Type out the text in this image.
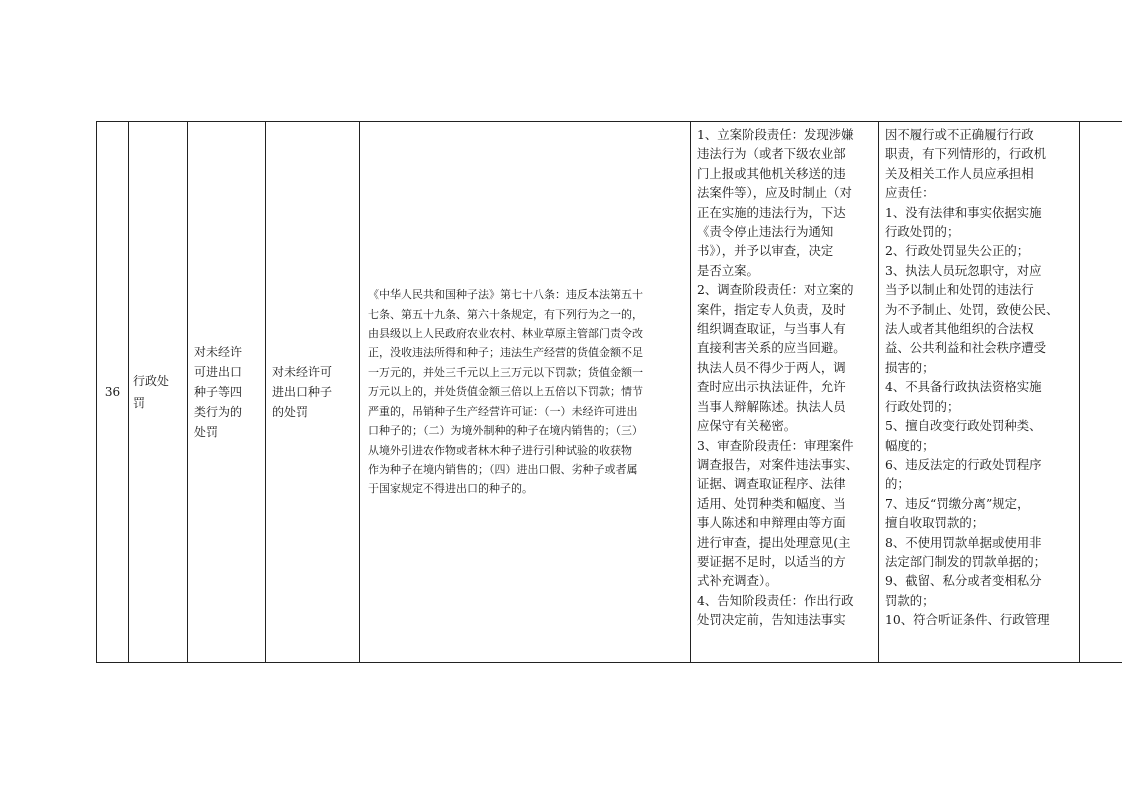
36	
行政处
罚

对未经许
可进出口
种子等四
类行为的
处罚

对未经许可
进出口种子
的处罚

《中华人民共和国种子法》第七十八条：违反本法第五十
七条、第五十九条、第六十条规定，有下列行为之一的，
由县级以上人民政府农业农村、林业草原主管部门责令改
正，没收违法所得和种子；违法生产经营的货值金额不足
一万元的，并处三千元以上三万元以下罚款；货值金额一
万元以上的，并处货值金额三倍以上五倍以下罚款；情节
严重的，吊销种子生产经营许可证：（一）未经许可进出
口种子的；（二）为境外制种的种子在境内销售的；（三）
从境外引进农作物或者林木种子进行引种试验的收获物
作为种子在境内销售的；（四）进出口假、劣种子或者属
于国家规定不得进出口的种子的。

1、立案阶段责任：发现涉嫌
违法行为（或者下级农业部
门上报或其他机关移送的违
法案件等），应及时制止（对
正在实施的违法行为，下达
《责令停止违法行为通知
书》），并予以审查，决定
是否立案。
2、调查阶段责任：对立案的
案件，指定专人负责，及时
组织调查取证，与当事人有
直接利害关系的应当回避。
执法人员不得少于两人，调
查时应出示执法证件，允许
当事人辩解陈述。执法人员
应保守有关秘密。
3、审查阶段责任：审理案件
调查报告，对案件违法事实、
证据、调查取证程序、法律
适用、处罚种类和幅度、当
事人陈述和申辩理由等方面
进行审查，提出处理意见(主
要证据不足时，以适当的方
式补充调查）。
4、告知阶段责任：作出行政
处罚决定前，告知违法事实

因不履行或不正确履行行政
职责，有下列情形的，行政机
关及相关工作人员应承担相
应责任：
1、没有法律和事实依据实施
行政处罚的；
2、行政处罚显失公正的；
3、执法人员玩忽职守，对应
当予以制止和处罚的违法行
为不予制止、处罚，致使公民、
法人或者其他组织的合法权
益、公共利益和社会秩序遭受
损害的；
4、不具备行政执法资格实施
行政处罚的；
5、擅自改变行政处罚种类、
幅度的；
6、违反法定的行政处罚程序
的；
7、违反“罚缴分离”规定，
擅自收取罚款的；
8、不使用罚款单据或使用非
法定部门制发的罚款单据的；
9、截留、私分或者变相私分
罚款的；
10、符合听证条件、行政管理
